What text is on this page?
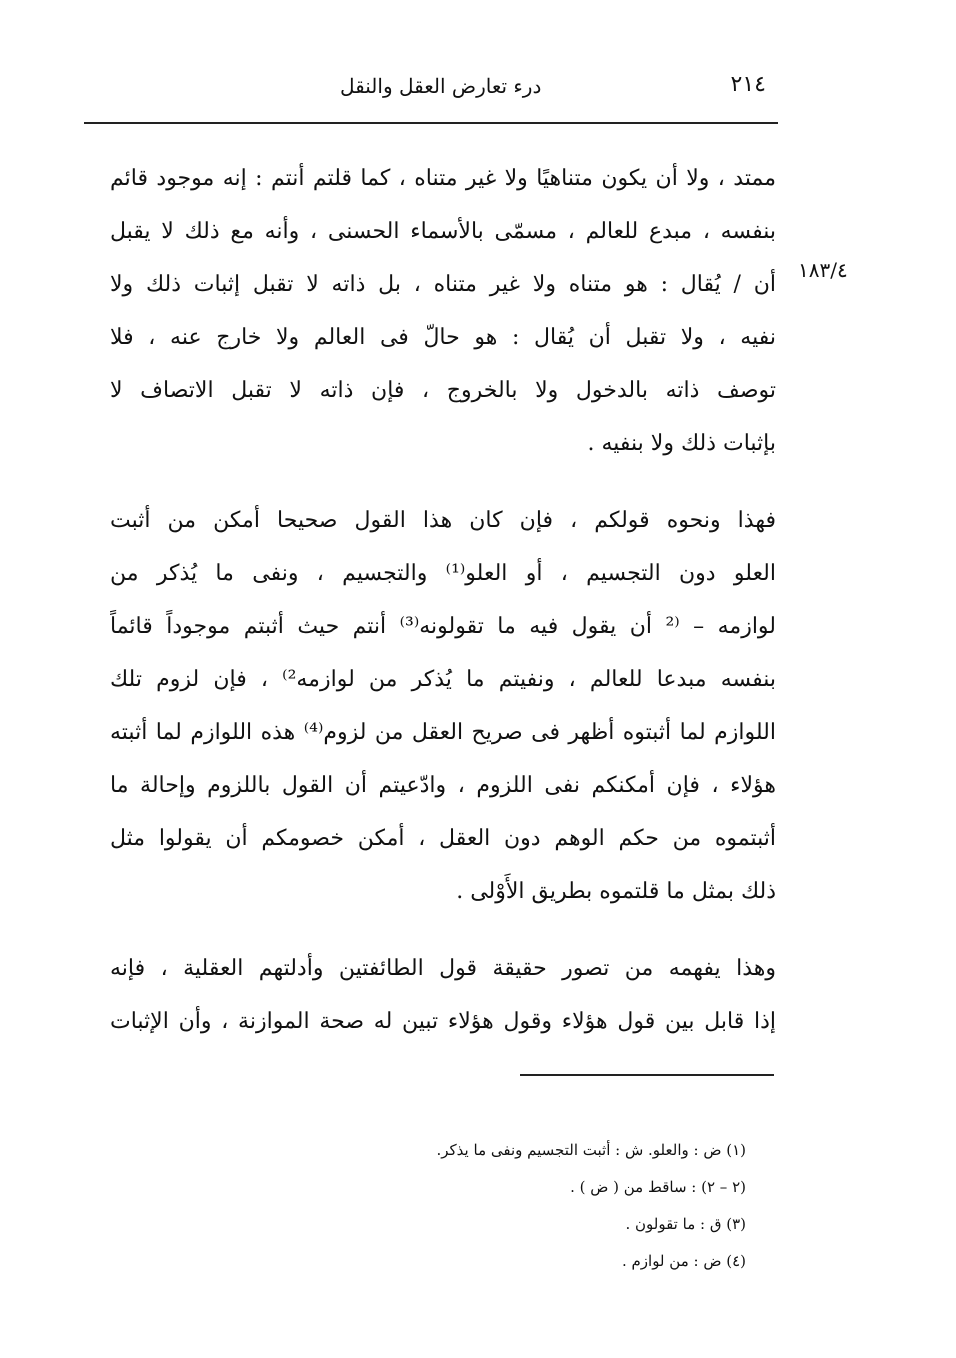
درء تعارض العقل والنقل	٢١٤
١٨٣/٤
ممتد ، ولا أن يكون متناهيًا ولا غير متناه ، كما قلتم أنتم : إنه موجود قائم
بنفسه ، مبدع للعالم ، مسمّى بالأسماء الحسنى ، وأنه مع ذلك لا يقبل
أن / يُقال : هو متناه ولا غير متناه ، بل ذاته لا تقبل إثبات ذلك ولا
نفيه ، ولا تقبل أن يُقال : هو حالّ فى العالم ولا خارج عنه ، فلا
توصف ذاته بالدخول ولا بالخروج ، فإن ذاته لا تقبل الاتصاف لا
بإثبات ذلك ولا بنفيه .
فهذا ونحوه قولكم ، فإن كان هذا القول صحيحا أمكن من أثبت
العلو دون التجسيم ، أو العلو⁽¹⁾ والتجسيم ، ونفى ما يُذكر من
لوازمه – ⁽² أن يقول فيه ما تقولونه⁽³⁾ أنتم حيث أثبتم موجوداً قائماً
بنفسه مبدعا للعالم ، ونفيتم ما يُذكر من لوازمه²⁾ ، فإن لزوم تلك
اللوازم لما أثبتوه أظهر فى صريح العقل من لزوم⁽⁴⁾ هذه اللوازم لما أثبته
هؤلاء ، فإن أمكنكم نفى اللزوم ، وادّعيتم أن القول باللزوم وإحالة ما
أثبتموه من حكم الوهم دون العقل ، أمكن خصومكم أن يقولوا مثل
ذلك بمثل ما قلتموه بطريق الأَوْلى .
وهذا يفهمه من تصور حقيقة قول الطائفتين وأدلتهم العقلية ، فإنه
إذا قابل بين قول هؤلاء وقول هؤلاء تبين له صحة الموازنة ، وأن الإثبات
(١) ض : والعلو. ش : أثبت التجسيم ونفى ما يذكر.
(٢ – ٢) : ساقط من ( ض ) .
(٣) ق : ما تقولون .
(٤) ض : من لوازم .
